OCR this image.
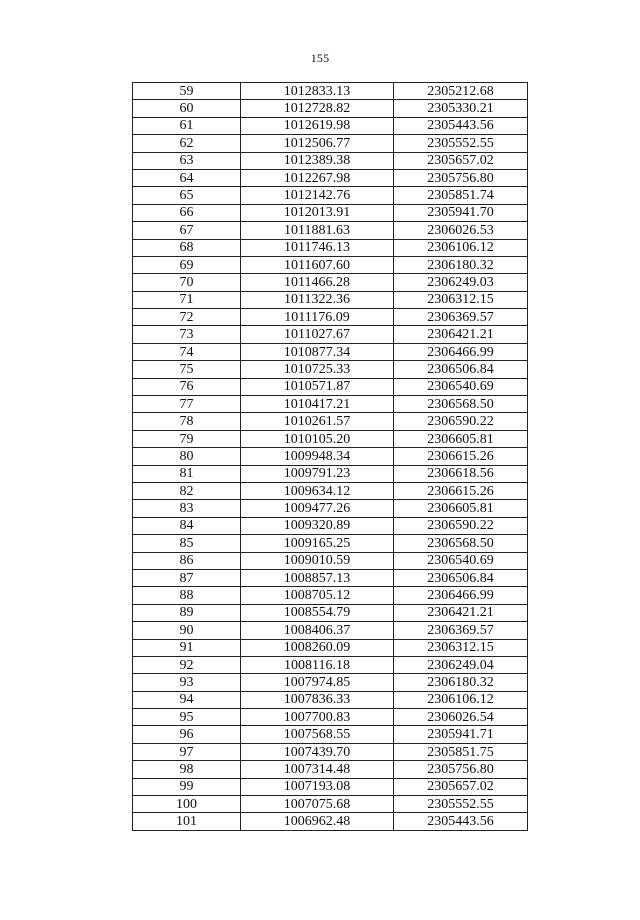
155
59	1012833.13	2305212.68
60	1012728.82	2305330.21
61	1012619.98	2305443.56
62	1012506.77	2305552.55
63	1012389.38	2305657.02
64	1012267.98	2305756.80
65	1012142.76	2305851.74
66	1012013.91	2305941.70
67	1011881.63	2306026.53
68	1011746.13	2306106.12
69	1011607.60	2306180.32
70	1011466.28	2306249.03
71	1011322.36	2306312.15
72	1011176.09	2306369.57
73	1011027.67	2306421.21
74	1010877.34	2306466.99
75	1010725.33	2306506.84
76	1010571.87	2306540.69
77	1010417.21	2306568.50
78	1010261.57	2306590.22
79	1010105.20	2306605.81
80	1009948.34	2306615.26
81	1009791.23	2306618.56
82	1009634.12	2306615.26
83	1009477.26	2306605.81
84	1009320.89	2306590.22
85	1009165.25	2306568.50
86	1009010.59	2306540.69
87	1008857.13	2306506.84
88	1008705.12	2306466.99
89	1008554.79	2306421.21
90	1008406.37	2306369.57
91	1008260.09	2306312.15
92	1008116.18	2306249.04
93	1007974.85	2306180.32
94	1007836.33	2306106.12
95	1007700.83	2306026.54
96	1007568.55	2305941.71
97	1007439.70	2305851.75
98	1007314.48	2305756.80
99	1007193.08	2305657.02
100	1007075.68	2305552.55
101	1006962.48	2305443.56
